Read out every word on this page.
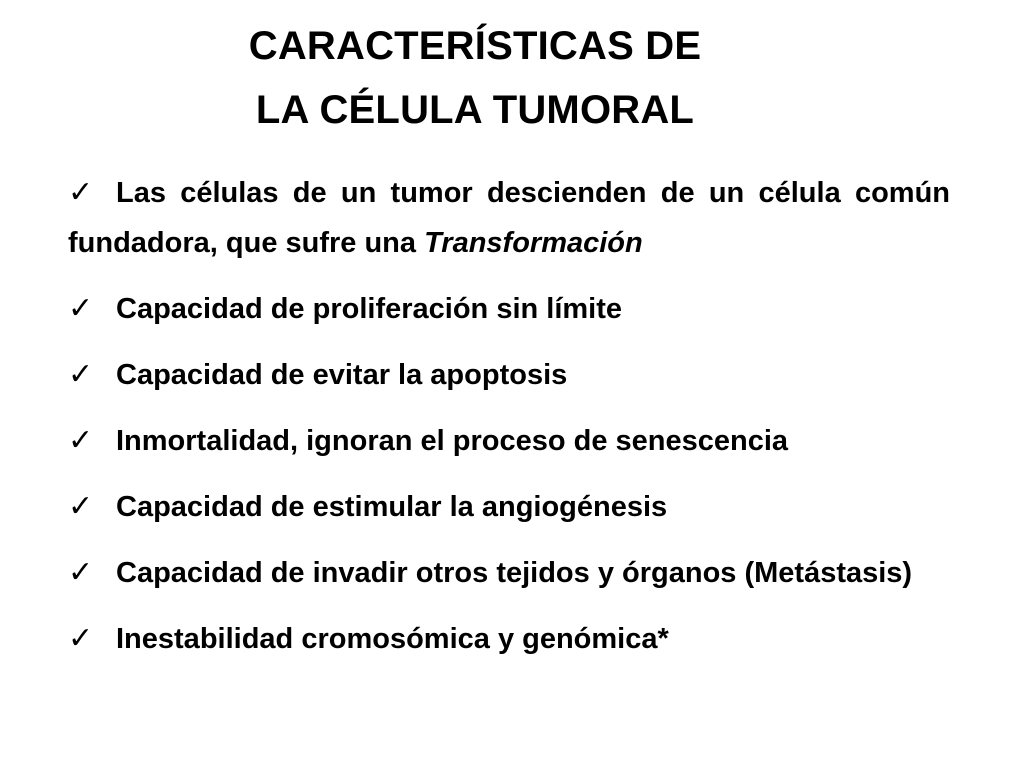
CARACTERÍSTICAS DE
LA CÉLULA TUMORAL
✓ Las células de un tumor descienden de un célula común fundadora, que sufre una Transformación
✓ Capacidad de proliferación sin límite
✓ Capacidad de evitar la apoptosis
✓ Inmortalidad, ignoran el proceso de senescencia
✓ Capacidad de estimular la angiogénesis
✓ Capacidad de invadir otros tejidos y órganos (Metástasis)
✓ Inestabilidad cromosómica y genómica*
